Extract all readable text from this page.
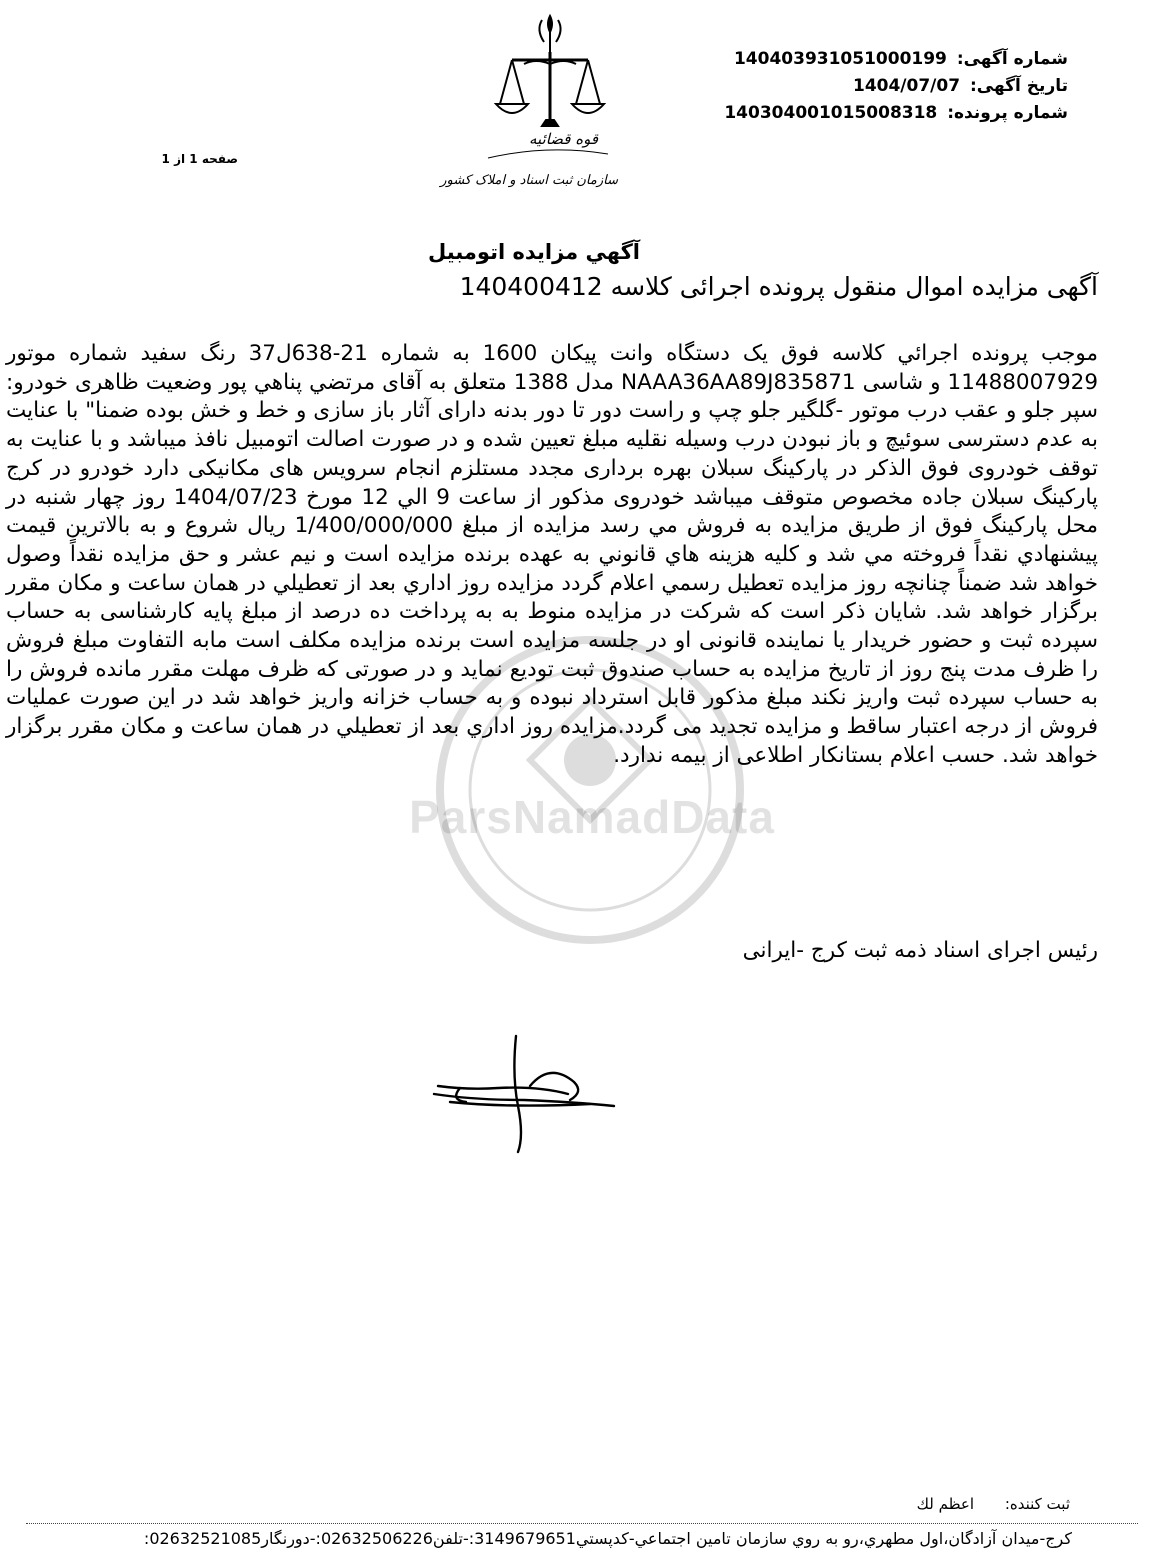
شماره آگهی: 140403931051000199
تاریخ آگهی: 1404/07/07
شماره پرونده: 140304001015008318
صفحه 1 از 1
قوه قضائیه
سازمان ثبت اسناد و املاک کشور
ParsNamadData
آگهي مزايده اتومبيل
آگهی مزایده اموال منقول پرونده اجرائی کلاسه 140400412
موجب پرونده اجرائي كلاسه فوق یک دستگاه وانت پیکان 1600 به شماره 21-638ل37 رنگ سفید شماره موتور 11488007929 و شاسی NAAA36AA89J835871 مدل 1388 متعلق به آقای مرتضي پناهي پور وضعیت ظاهری خودرو: سپر جلو و عقب درب موتور -گلگیر جلو چپ و راست دور تا دور بدنه دارای آثار باز سازی و خط و خش بوده ضمنا" با عنایت به عدم دسترسی سوئیچ و باز نبودن درب وسیله نقلیه مبلغ تعیین شده و در صورت اصالت اتومبیل نافذ میباشد و با عنایت به توقف خودروی فوق الذکر در پارکینگ سبلان بهره برداری مجدد مستلزم انجام سرویس های مکانیکی دارد خودرو در کرج پارکینگ سبلان جاده مخصوص متوقف میباشد خودروی مذکور از ساعت 9 الي 12 مورخ 1404/07/23 روز چهار شنبه در محل پارکینگ فوق از طريق مزايده به فروش مي رسد مزايده از مبلغ 1/400/000/000 ريال شروع و به بالاترين قيمت پيشنهادي نقداً فروخته مي شد و كليه هزينه هاي قانوني به عهده برنده مزايده است و نيم عشر و حق مزايده نقداً وصول خواهد شد ضمناً چنانچه روز مزايده تعطيل رسمي اعلام گردد مزايده روز اداري بعد از تعطيلي در همان ساعت و مكان مقرر برگزار خواهد شد. شایان ذکر است که شرکت در مزایده منوط به به پرداخت ده درصد از مبلغ پایه کارشناسی به حساب سپرده ثبت و حضور خریدار یا نماینده قانونی او در جلسه مزایده است برنده مزایده مکلف است مابه التفاوت مبلغ فروش را ظرف مدت پنج روز از تاریخ مزایده به حساب صندوق ثبت تودیع نماید و در صورتی که ظرف مهلت مقرر مانده فروش را به حساب سپرده ثبت واریز نکند مبلغ مذکور قابل استرداد نبوده و به حساب خزانه واریز خواهد شد در این صورت عملیات فروش از درجه اعتبار ساقط و مزایده تجدید می گردد.مزايده روز اداري بعد از تعطيلي در همان ساعت و مكان مقرر برگزار خواهد شد. حسب اعلام بستانکار اطلاعی از بیمه ندارد.
رئیس اجرای اسناد ذمه ثبت کرج -ایرانی
ثبت کننده: اعظم لك
كرج-ميدان آزادگان،اول مطهري،رو به روي سازمان تامين اجتماعي-كدپستي3149679651:-تلفن02632506226:-دورنگار02632521085:
